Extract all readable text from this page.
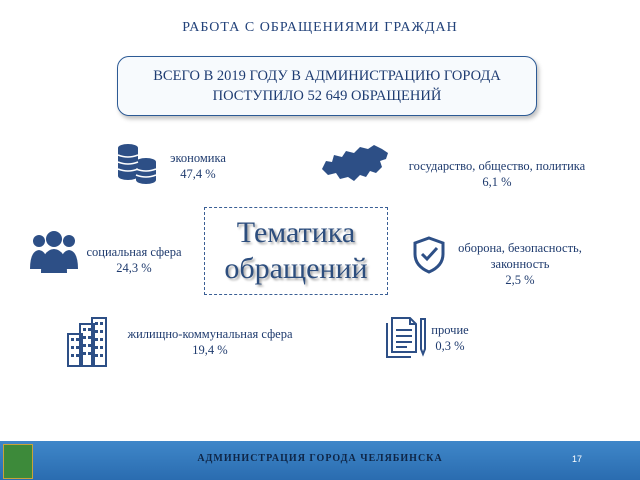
РАБОТА С ОБРАЩЕНИЯМИ ГРАЖДАН
ВСЕГО В 2019 ГОДУ В АДМИНИСТРАЦИЮ ГОРОДА
ПОСТУПИЛО 52 649 ОБРАЩЕНИЙ
экономика
47,4 %
государство, общество, политика
6,1 %
Тематика
обращений
социальная сфера
24,3 %
оборона, безопасность,
законность
2,5 %
жилищно-коммунальная сфера
19,4 %
прочие
0,3 %
АДМИНИСТРАЦИЯ ГОРОДА ЧЕЛЯБИНСКА	17
